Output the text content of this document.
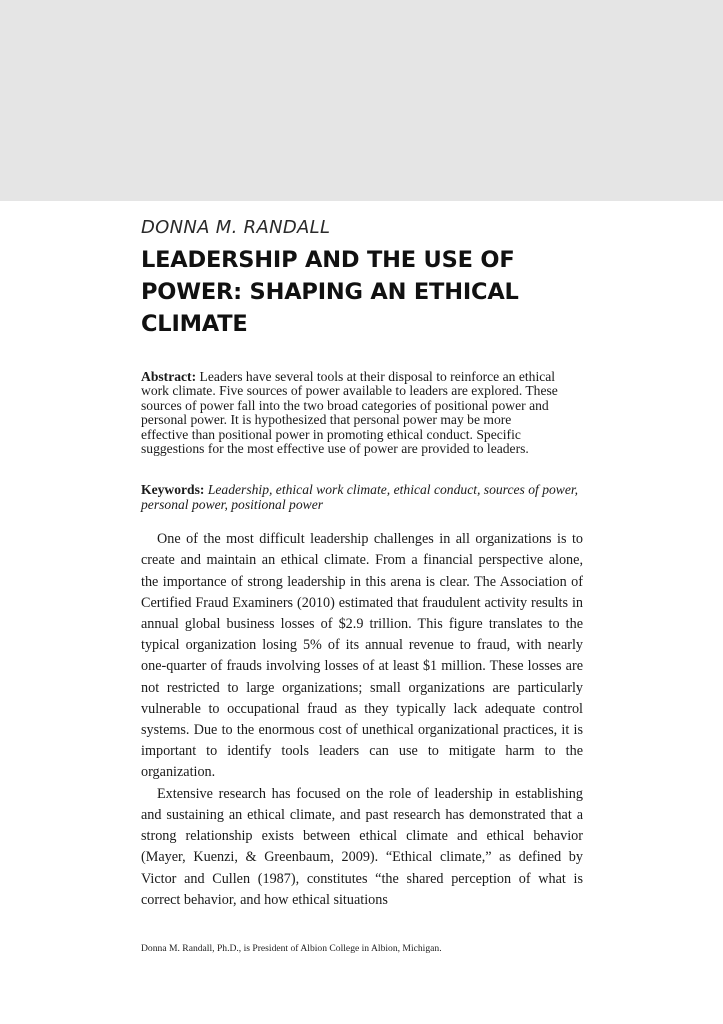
DONNA M. RANDALL

LEADERSHIP AND THE USE OF POWER: SHAPING AN ETHICAL CLIMATE
Abstract: Leaders have several tools at their disposal to reinforce an ethical work climate. Five sources of power available to leaders are explored. These sources of power fall into the two broad categories of positional power and personal power. It is hypothesized that personal power may be more effective than positional power in promoting ethical conduct. Specific suggestions for the most effective use of power are provided to leaders.
Keywords: Leadership, ethical work climate, ethical conduct, sources of power, personal power, positional power

One of the most difficult leadership challenges in all organizations is to create and maintain an ethical climate. From a financial perspective alone, the importance of strong leadership in this arena is clear. The Association of Certified Fraud Examiners (2010) estimated that fraudulent activity results in annual global business losses of $2.9 trillion. This figure translates to the typical organization losing 5% of its annual revenue to fraud, with nearly one-quarter of frauds involving losses of at least $1 million. These losses are not restricted to large organizations; small organizations are particularly vulnerable to occupational fraud as they typically lack adequate control systems. Due to the enormous cost of unethical organizational practices, it is important to identify tools leaders can use to mitigate harm to the organization.

Extensive research has focused on the role of leadership in establishing and sustaining an ethical climate, and past research has demonstrated that a strong relationship exists between ethical climate and ethical behavior (Mayer, Kuenzi, & Greenbaum, 2009). “Ethical climate,” as defined by Victor and Cullen (1987), constitutes “the shared perception of what is correct behavior, and how ethical situations

Donna M. Randall, Ph.D., is President of Albion College in Albion, Michigan.
